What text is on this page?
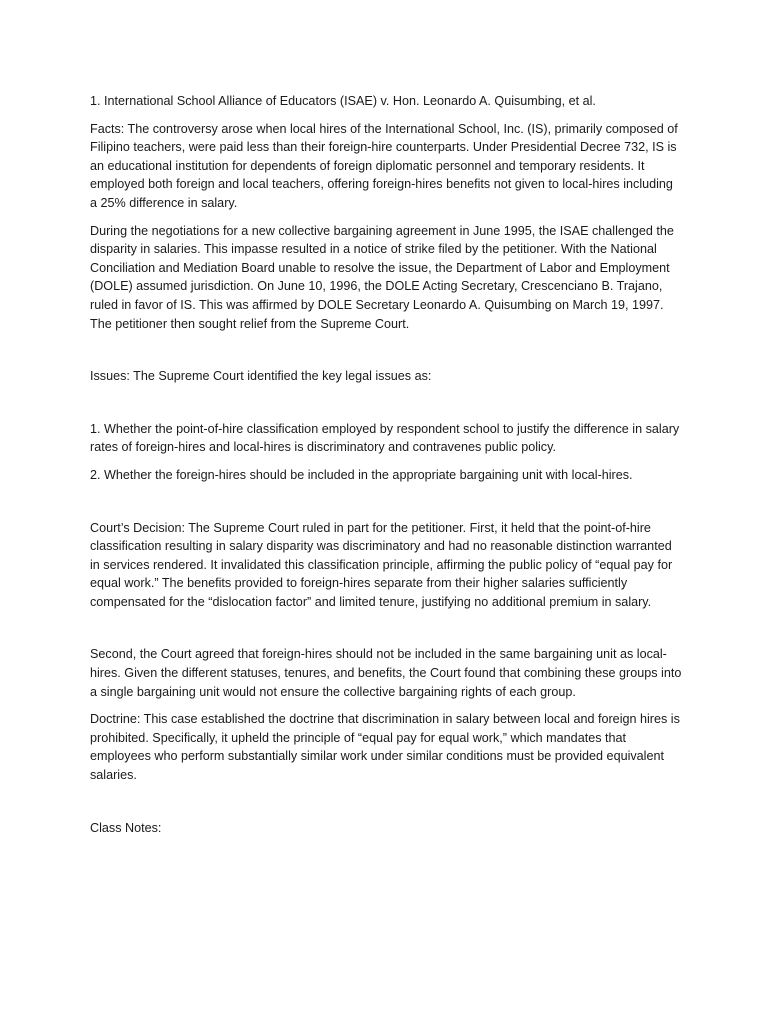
1. International School Alliance of Educators (ISAE) v. Hon. Leonardo A. Quisumbing, et al.

Facts: The controversy arose when local hires of the International School, Inc. (IS), primarily composed of Filipino teachers, were paid less than their foreign-hire counterparts. Under Presidential Decree 732, IS is an educational institution for dependents of foreign diplomatic personnel and temporary residents. It employed both foreign and local teachers, offering foreign-hires benefits not given to local-hires including a 25% difference in salary.

During the negotiations for a new collective bargaining agreement in June 1995, the ISAE challenged the disparity in salaries. This impasse resulted in a notice of strike filed by the petitioner. With the National Conciliation and Mediation Board unable to resolve the issue, the Department of Labor and Employment (DOLE) assumed jurisdiction. On June 10, 1996, the DOLE Acting Secretary, Crescenciano B. Trajano, ruled in favor of IS. This was affirmed by DOLE Secretary Leonardo A. Quisumbing on March 19, 1997. The petitioner then sought relief from the Supreme Court.

Issues: The Supreme Court identified the key legal issues as:

1. Whether the point-of-hire classification employed by respondent school to justify the difference in salary rates of foreign-hires and local-hires is discriminatory and contravenes public policy.

2. Whether the foreign-hires should be included in the appropriate bargaining unit with local-hires.

Court’s Decision: The Supreme Court ruled in part for the petitioner. First, it held that the point-of-hire classification resulting in salary disparity was discriminatory and had no reasonable distinction warranted in services rendered. It invalidated this classification principle, affirming the public policy of “equal pay for equal work.” The benefits provided to foreign-hires separate from their higher salaries sufficiently compensated for the “dislocation factor” and limited tenure, justifying no additional premium in salary.

Second, the Court agreed that foreign-hires should not be included in the same bargaining unit as local-hires. Given the different statuses, tenures, and benefits, the Court found that combining these groups into a single bargaining unit would not ensure the collective bargaining rights of each group.

Doctrine: This case established the doctrine that discrimination in salary between local and foreign hires is prohibited. Specifically, it upheld the principle of “equal pay for equal work,” which mandates that employees who perform substantially similar work under similar conditions must be provided equivalent salaries.

Class Notes:
